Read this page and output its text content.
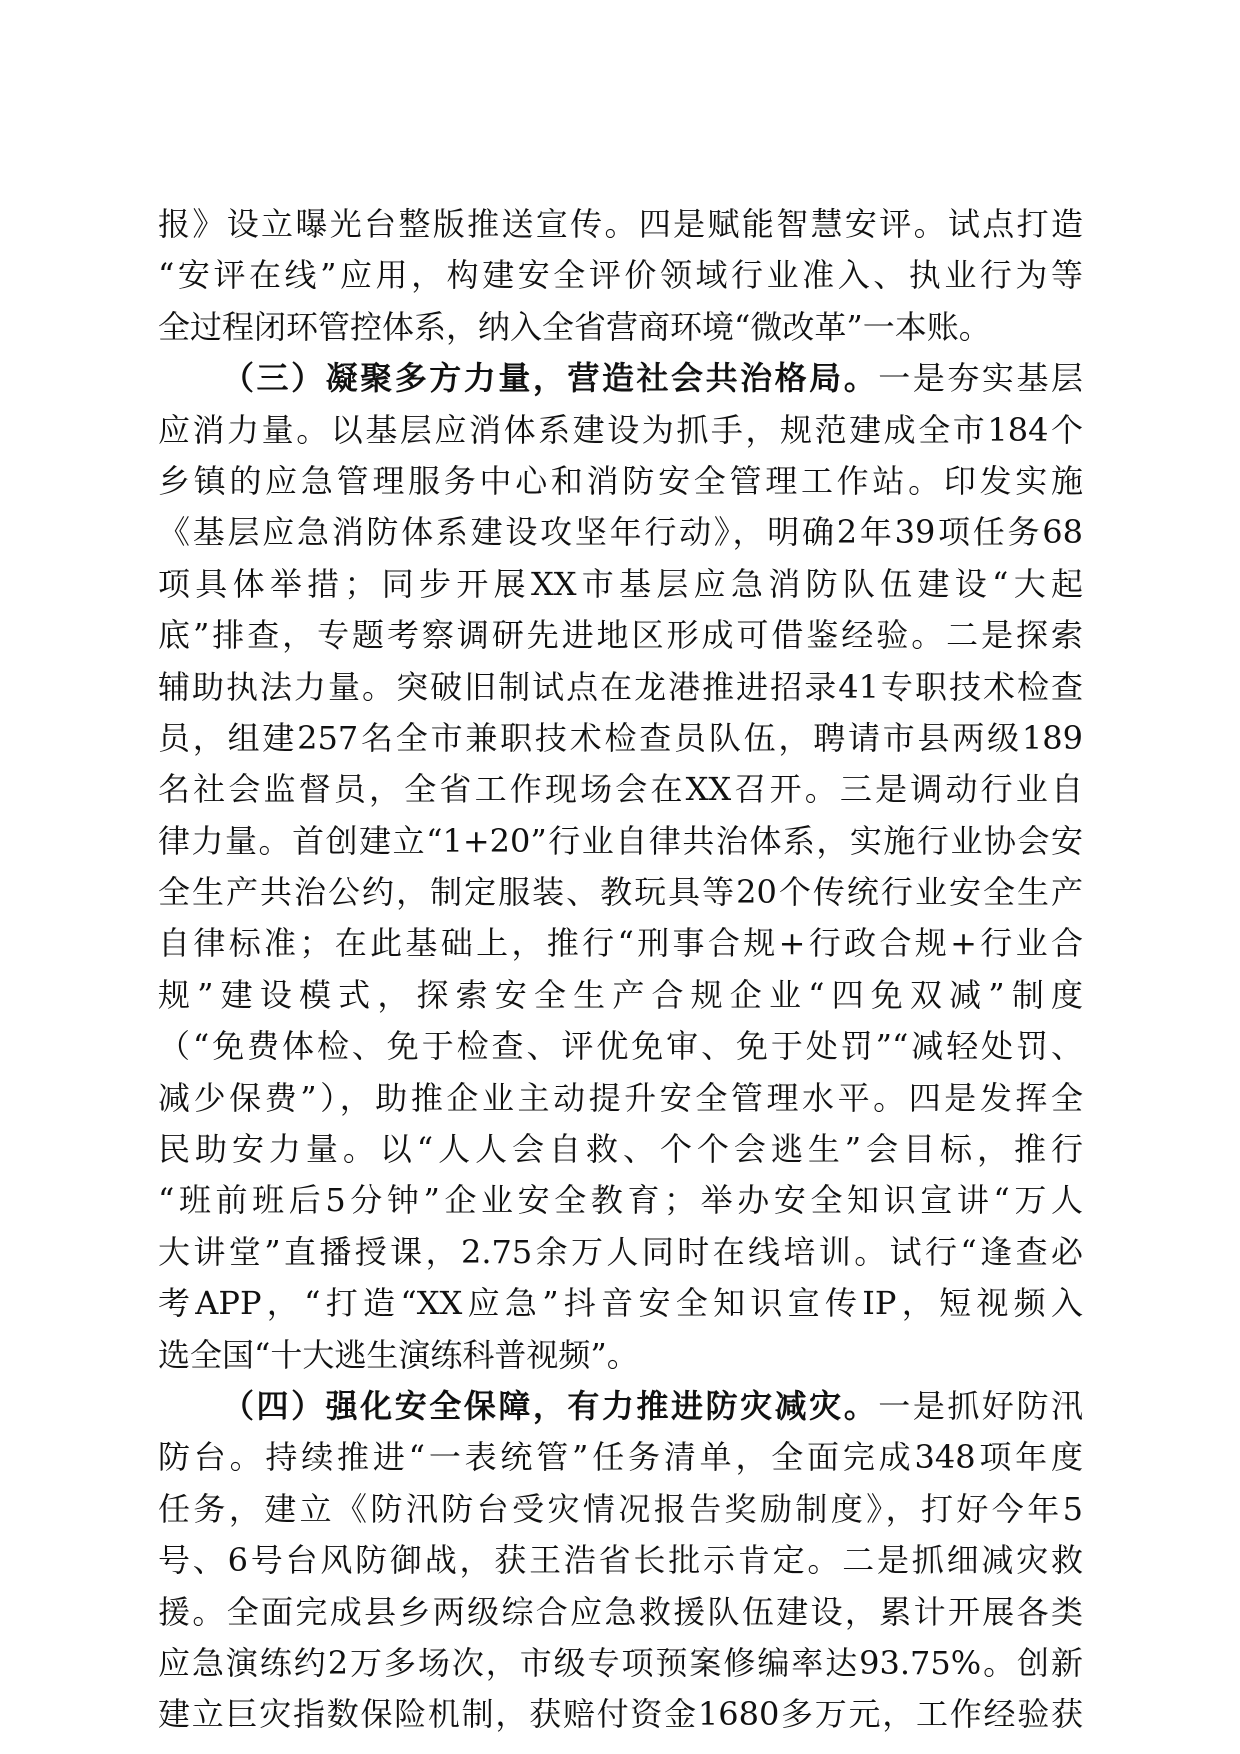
报》设立曝光台整版推送宣传。四是赋能智慧安评。试点打造
“安评在线”应用，构建安全评价领域行业准入、执业行为等
全过程闭环管控体系，纳入全省营商环境“微改革”一本账。
（三）凝聚多方力量，营造社会共治格局。一是夯实基层
应消力量。以基层应消体系建设为抓手，规范建成全市184个
乡镇的应急管理服务中心和消防安全管理工作站。印发实施
《基层应急消防体系建设攻坚年行动》，明确2年39项任务68
项具体举措；同步开展XX市基层应急消防队伍建设“大起
底”排查，专题考察调研先进地区形成可借鉴经验。二是探索
辅助执法力量。突破旧制试点在龙港推进招录41专职技术检查
员，组建257名全市兼职技术检查员队伍，聘请市县两级189
名社会监督员，全省工作现场会在XX召开。三是调动行业自
律力量。首创建立“1+20”行业自律共治体系，实施行业协会安
全生产共治公约，制定服装、教玩具等20个传统行业安全生产
自律标准；在此基础上，推行“刑事合规+行政合规+行业合
规”建设模式，探索安全生产合规企业“四免双减”制度
（“免费体检、免于检查、评优免审、免于处罚”“减轻处罚、
减少保费”），助推企业主动提升安全管理水平。四是发挥全
民助安力量。以“人人会自救、个个会逃生”会目标，推行
“班前班后5分钟”企业安全教育；举办安全知识宣讲“万人
大讲堂”直播授课，2.75余万人同时在线培训。试行“逢查必
考APP，“打造“XX应急”抖音安全知识宣传IP，短视频入
选全国“十大逃生演练科普视频”。
（四）强化安全保障，有力推进防灾减灾。一是抓好防汛
防台。持续推进“一表统管”任务清单，全面完成348项年度
任务，建立《防汛防台受灾情况报告奖励制度》，打好今年5
号、6号台风防御战，获王浩省长批示肯定。二是抓细减灾救
援。全面完成县乡两级综合应急救援队伍建设，累计开展各类
应急演练约2万多场次，市级专项预案修编率达93.75%。创新
建立巨灾指数保险机制，获赔付资金1680多万元，工作经验获
